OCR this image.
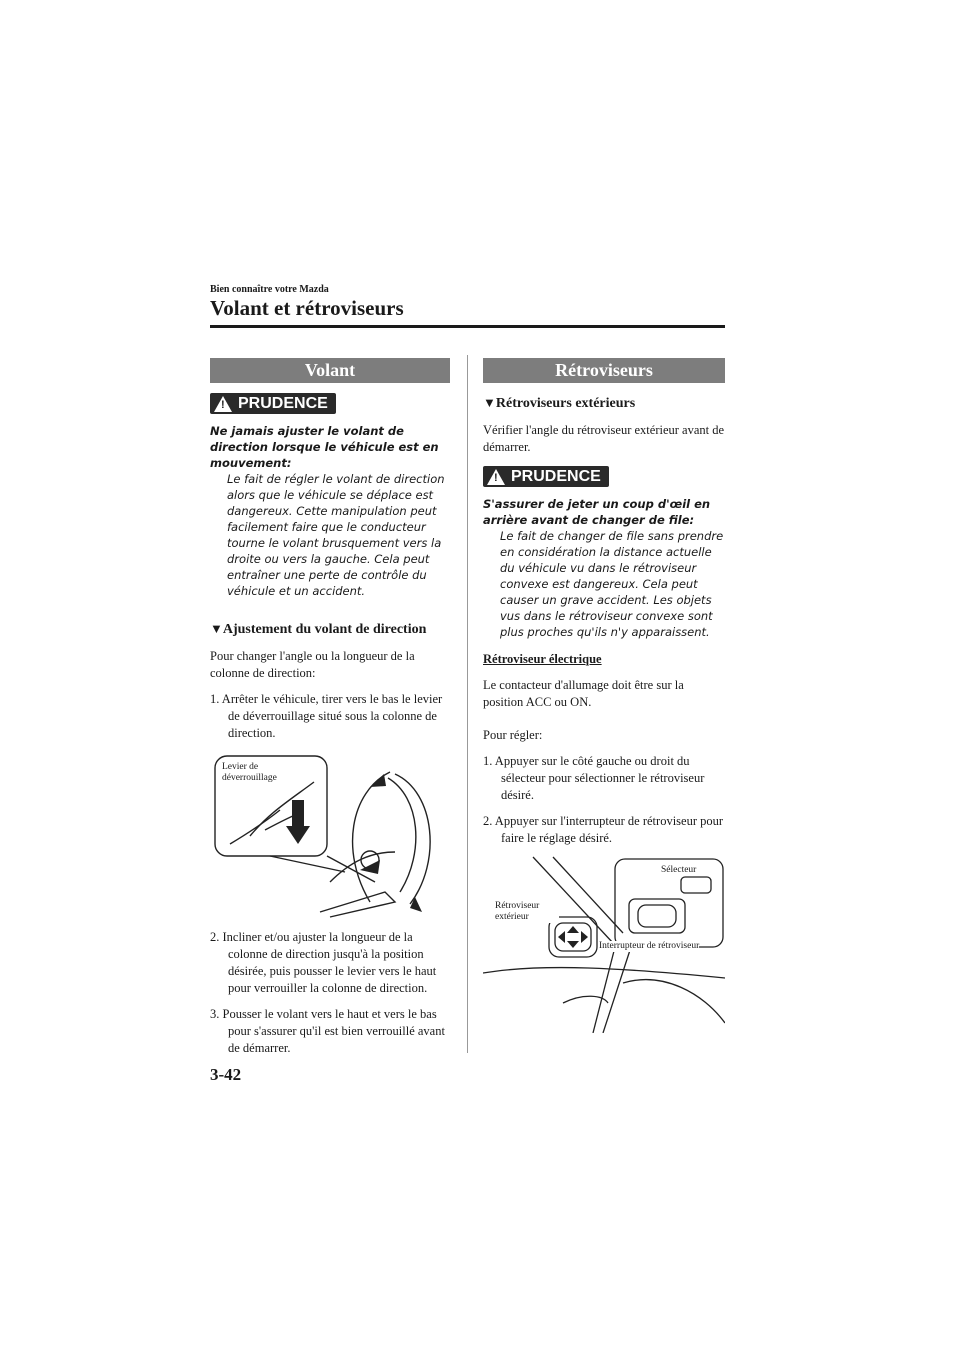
Bien connaître votre Mazda
Volant et rétroviseurs
Volant
! PRUDENCE
Ne jamais ajuster le volant de direction lorsque le véhicule est en mouvement:
Le fait de régler le volant de direction alors que le véhicule se déplace est dangereux. Cette manipulation peut facilement faire que le conducteur tourne le volant brusquement vers la droite ou vers la gauche. Cela peut entraîner une perte de contrôle du véhicule et un accident.
▼Ajustement du volant de direction
Pour changer l'angle ou la longueur de la colonne de direction:
1. Arrêter le véhicule, tirer vers le bas le levier de déverrouillage situé sous la colonne de direction.
Levier de déverrouillage
2. Incliner et/ou ajuster la longueur de la colonne de direction jusqu'à la position désirée, puis pousser le levier vers le haut pour verrouiller la colonne de direction.
3. Pousser le volant vers le haut et vers le bas pour s'assurer qu'il est bien verrouillé avant de démarrer.
Rétroviseurs
▼Rétroviseurs extérieurs
Vérifier l'angle du rétroviseur extérieur avant de démarrer.
! PRUDENCE
S'assurer de jeter un coup d'œil en arrière avant de changer de file:
Le fait de changer de file sans prendre en considération la distance actuelle du véhicule vu dans le rétroviseur convexe est dangereux. Cela peut causer un grave accident. Les objets vus dans le rétroviseur convexe sont plus proches qu'ils n'y apparaissent.
Rétroviseur électrique
Le contacteur d'allumage doit être sur la position ACC ou ON.
Pour régler:
1. Appuyer sur le côté gauche ou droit du sélecteur pour sélectionner le rétroviseur désiré.
2. Appuyer sur l'interrupteur de rétroviseur pour faire le réglage désiré.
Sélecteur
Rétroviseur extérieur
Interrupteur de rétroviseur
3-42
